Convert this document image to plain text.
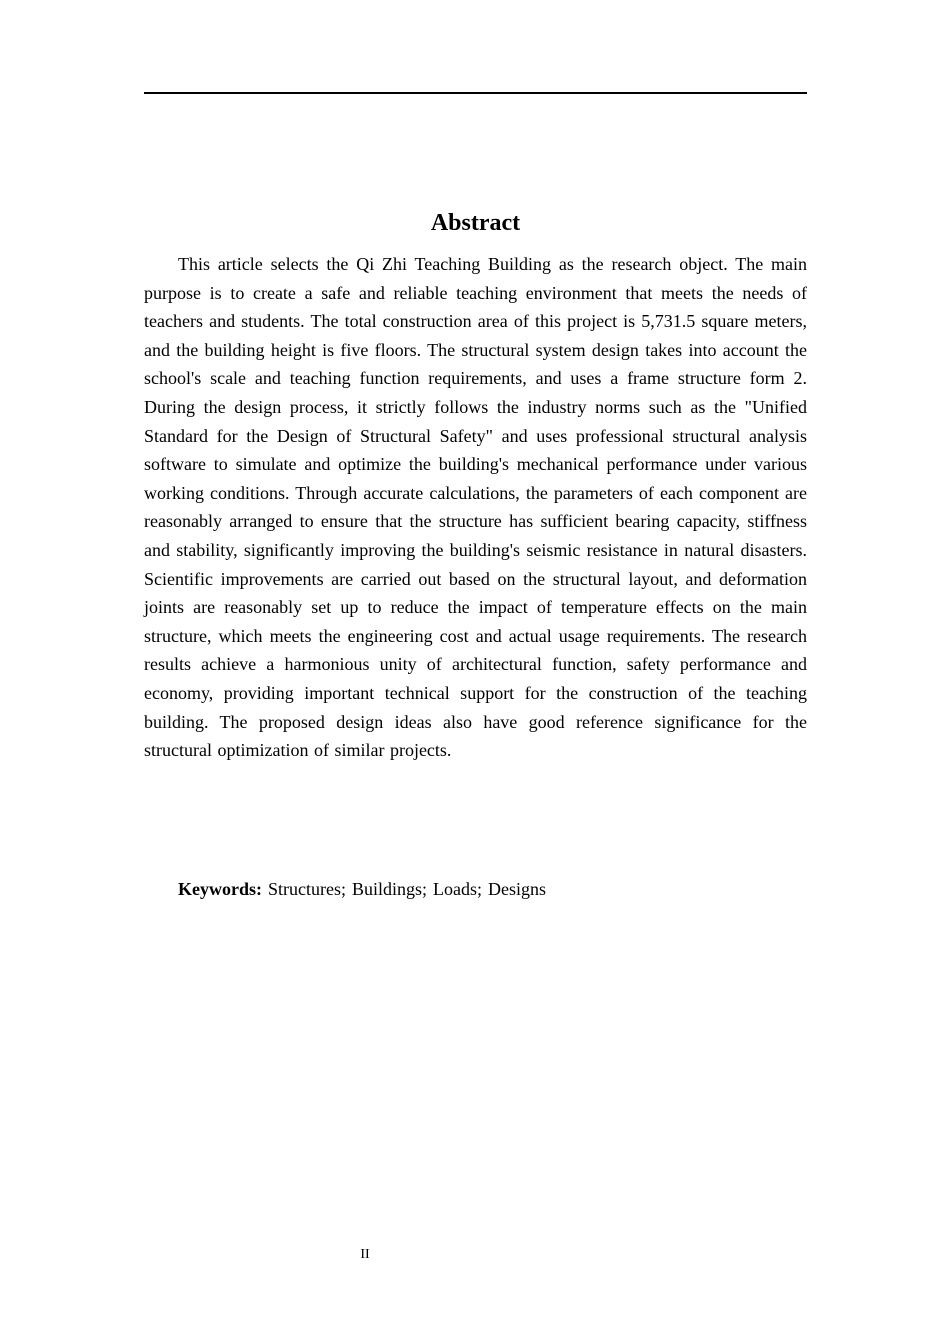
Abstract

This article selects the Qi Zhi Teaching Building as the research object. The main purpose is to create a safe and reliable teaching environment that meets the needs of teachers and students. The total construction area of this project is 5,731.5 square meters, and the building height is five floors. The structural system design takes into account the school's scale and teaching function requirements, and uses a frame structure form 2. During the design process, it strictly follows the industry norms such as the "Unified Standard for the Design of Structural Safety" and uses professional structural analysis software to simulate and optimize the building's mechanical performance under various working conditions. Through accurate calculations, the parameters of each component are reasonably arranged to ensure that the structure has sufficient bearing capacity, stiffness and stability, significantly improving the building's seismic resistance in natural disasters. Scientific improvements are carried out based on the structural layout, and deformation joints are reasonably set up to reduce the impact of temperature effects on the main structure, which meets the engineering cost and actual usage requirements. The research results achieve a harmonious unity of architectural function, safety performance and economy, providing important technical support for the construction of the teaching building. The proposed design ideas also have good reference significance for the structural optimization of similar projects.

Keywords: Structures; Buildings; Loads; Designs

II
